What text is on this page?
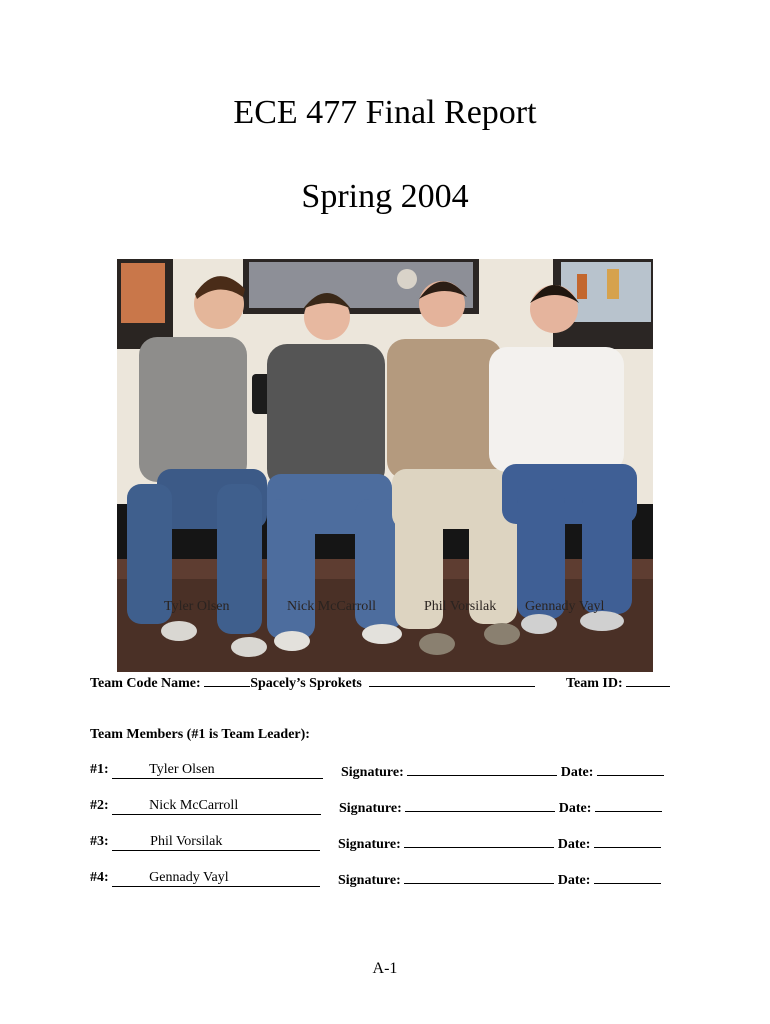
ECE 477 Final Report
Spring 2004
Tyler Olsen	Nick McCarroll	Phil Vorsilak Gennady Vayl
Team Code Name:	Spacely’s Sprokets	Team ID:
Team Members (#1 is Team Leader):
#1:	Tyler Olsen	Signature:	Date:
#2:	Nick McCarroll	Signature:	Date:
#3:	Phil Vorsilak	Signature:	Date:
#4:	Gennady Vayl	Signature:	Date:
A-1
